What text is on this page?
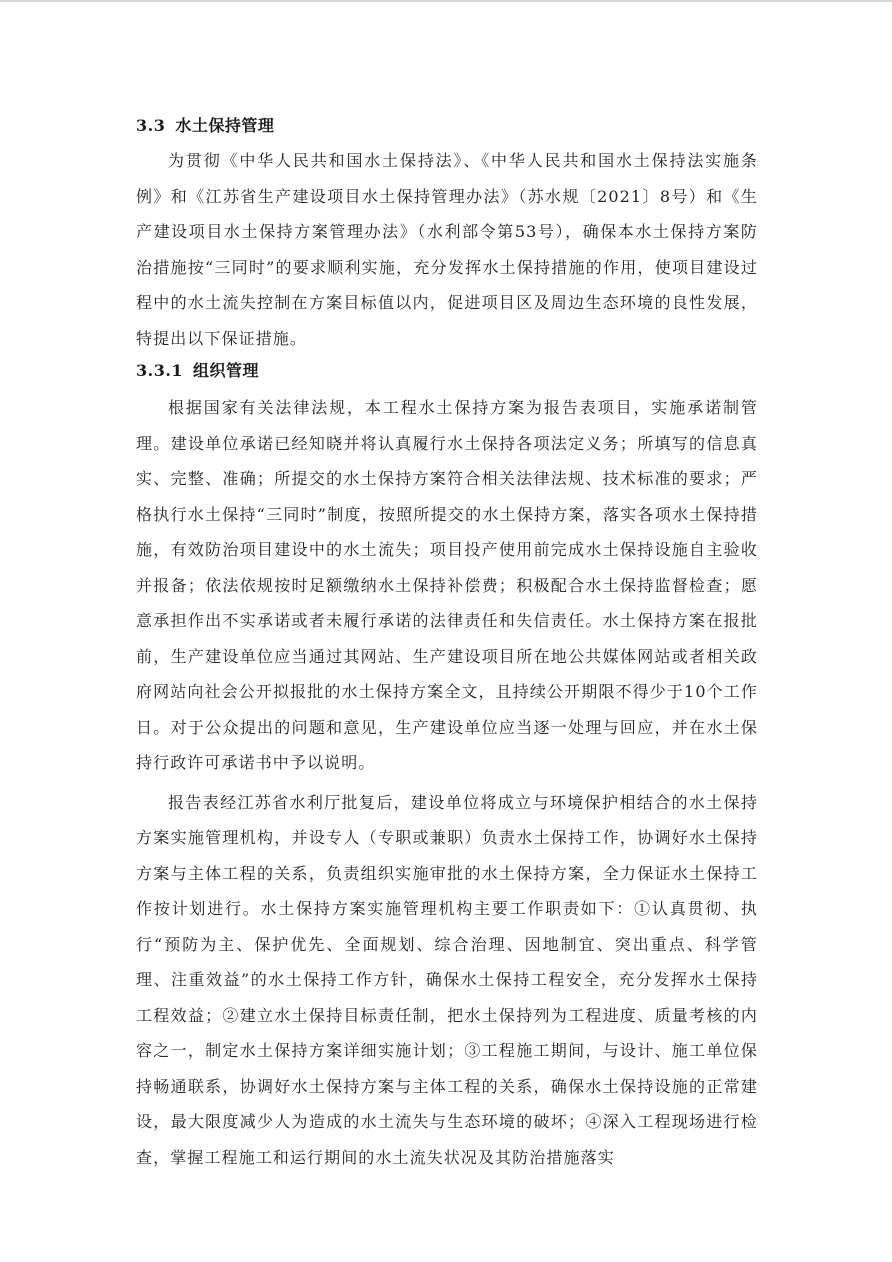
3.3 水土保持管理

为贯彻《中华人民共和国水土保持法》、《中华人民共和国水土保持法实施条例》和《江苏省生产建设项目水土保持管理办法》（苏水规〔2021〕8号）和《生产建设项目水土保持方案管理办法》（水利部令第53号），确保本水土保持方案防治措施按“三同时”的要求顺利实施，充分发挥水土保持措施的作用，使项目建设过程中的水土流失控制在方案目标值以内，促进项目区及周边生态环境的良性发展，特提出以下保证措施。

3.3.1 组织管理

根据国家有关法律法规，本工程水土保持方案为报告表项目，实施承诺制管理。建设单位承诺已经知晓并将认真履行水土保持各项法定义务；所填写的信息真实、完整、准确；所提交的水土保持方案符合相关法律法规、技术标准的要求；严格执行水土保持“三同时”制度，按照所提交的水土保持方案，落实各项水土保持措施，有效防治项目建设中的水土流失；项目投产使用前完成水土保持设施自主验收并报备；依法依规按时足额缴纳水土保持补偿费；积极配合水土保持监督检查；愿意承担作出不实承诺或者未履行承诺的法律责任和失信责任。水土保持方案在报批前，生产建设单位应当通过其网站、生产建设项目所在地公共媒体网站或者相关政府网站向社会公开拟报批的水土保持方案全文，且持续公开期限不得少于10个工作日。对于公众提出的问题和意见，生产建设单位应当逐一处理与回应，并在水土保持行政许可承诺书中予以说明。

报告表经江苏省水利厅批复后，建设单位将成立与环境保护相结合的水土保持方案实施管理机构，并设专人（专职或兼职）负责水土保持工作，协调好水土保持方案与主体工程的关系，负责组织实施审批的水土保持方案，全力保证水土保持工作按计划进行。水土保持方案实施管理机构主要工作职责如下：①认真贯彻、执行“预防为主、保护优先、全面规划、综合治理、因地制宜、突出重点、科学管理、注重效益”的水土保持工作方针，确保水土保持工程安全，充分发挥水土保持工程效益；②建立水土保持目标责任制，把水土保持列为工程进度、质量考核的内容之一，制定水土保持方案详细实施计划；③工程施工期间，与设计、施工单位保持畅通联系，协调好水土保持方案与主体工程的关系，确保水土保持设施的正常建设，最大限度减少人为造成的水土流失与生态环境的破坏；④深入工程现场进行检查，掌握工程施工和运行期间的水土流失状况及其防治措施落实
